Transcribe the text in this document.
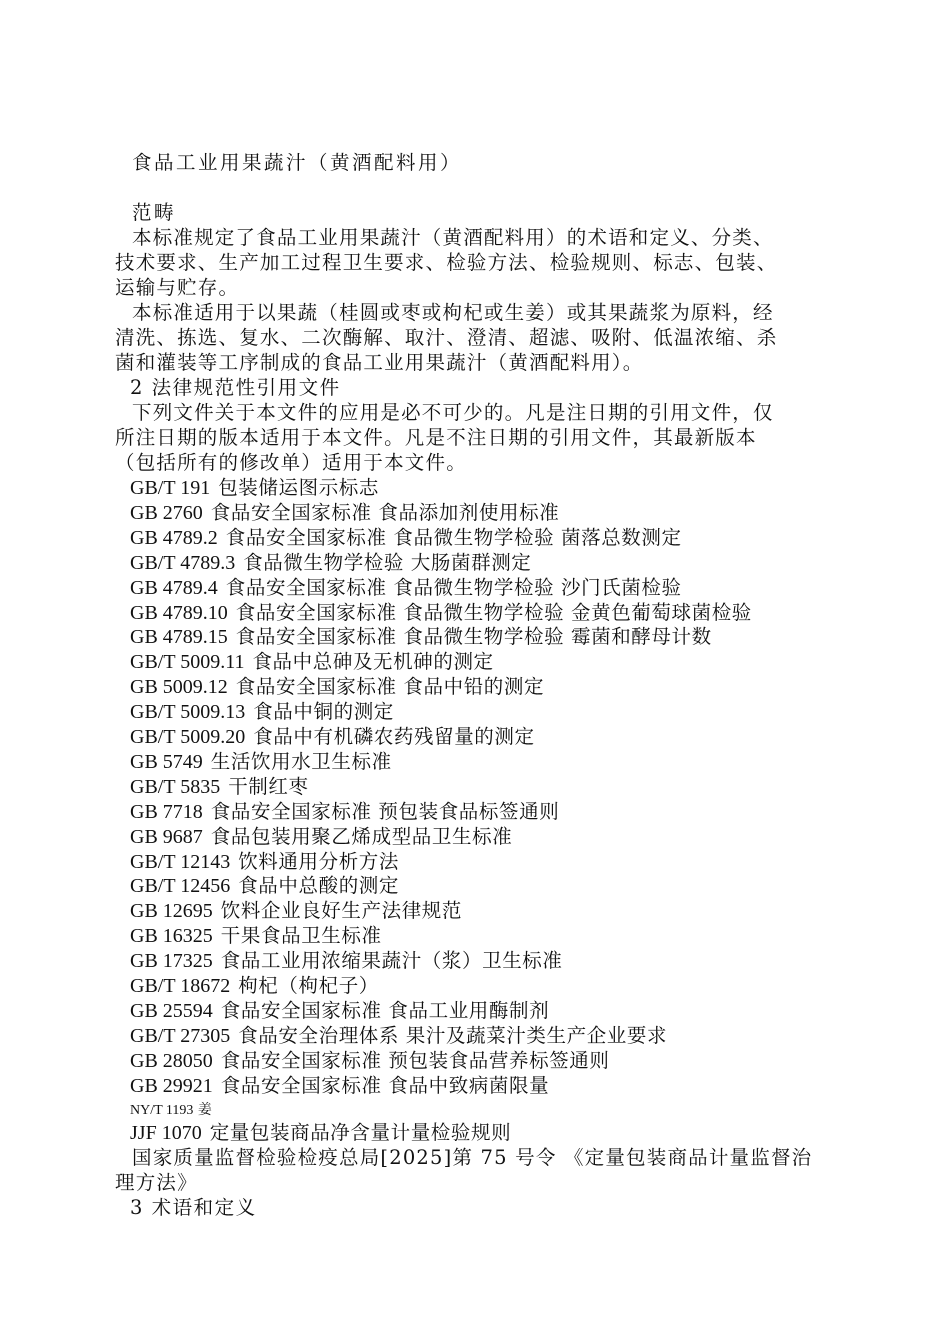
食品工业用果蔬汁（黄酒配料用）
范畴
本标准规定了食品工业用果蔬汁（黄酒配料用）的术语和定义、分类、
技术要求、生产加工过程卫生要求、检验方法、检验规则、标志、包装、
运输与贮存。
本标准适用于以果蔬（桂圆或枣或枸杞或生姜）或其果蔬浆为原料，经
清洗、拣选、复水、二次酶解、取汁、澄清、超滤、吸附、低温浓缩、杀
菌和灌装等工序制成的食品工业用果蔬汁（黄酒配料用）。
2 法律规范性引用文件
下列文件关于本文件的应用是必不可少的。凡是注日期的引用文件，仅
所注日期的版本适用于本文件。凡是不注日期的引用文件，其最新版本
（包括所有的修改单）适用于本文件。
GB/T 191 包装储运图示标志
GB 2760 食品安全国家标准 食品添加剂使用标准
GB 4789.2 食品安全国家标准 食品微生物学检验 菌落总数测定
GB/T 4789.3 食品微生物学检验 大肠菌群测定
GB 4789.4 食品安全国家标准 食品微生物学检验 沙门氏菌检验
GB 4789.10 食品安全国家标准 食品微生物学检验 金黄色葡萄球菌检验
GB 4789.15 食品安全国家标准 食品微生物学检验 霉菌和酵母计数
GB/T 5009.11 食品中总砷及无机砷的测定
GB 5009.12 食品安全国家标准 食品中铅的测定
GB/T 5009.13 食品中铜的测定
GB/T 5009.20 食品中有机磷农药残留量的测定
GB 5749 生活饮用水卫生标准
GB/T 5835 干制红枣
GB 7718 食品安全国家标准 预包装食品标签通则
GB 9687 食品包装用聚乙烯成型品卫生标准
GB/T 12143 饮料通用分析方法
GB/T 12456 食品中总酸的测定
GB 12695 饮料企业良好生产法律规范
GB 16325 干果食品卫生标准
GB 17325 食品工业用浓缩果蔬汁（浆）卫生标准
GB/T 18672 枸杞（枸杞子）
GB 25594 食品安全国家标准 食品工业用酶制剂
GB/T 27305 食品安全治理体系 果汁及蔬菜汁类生产企业要求
GB 28050 食品安全国家标准 预包装食品营养标签通则
GB 29921 食品安全国家标准 食品中致病菌限量
NY/T 1193 姜
JJF 1070 定量包装商品净含量计量检验规则
国家质量监督检验检疫总局[2025]第 75 号令 《定量包装商品计量监督治
理方法》
3 术语和定义
